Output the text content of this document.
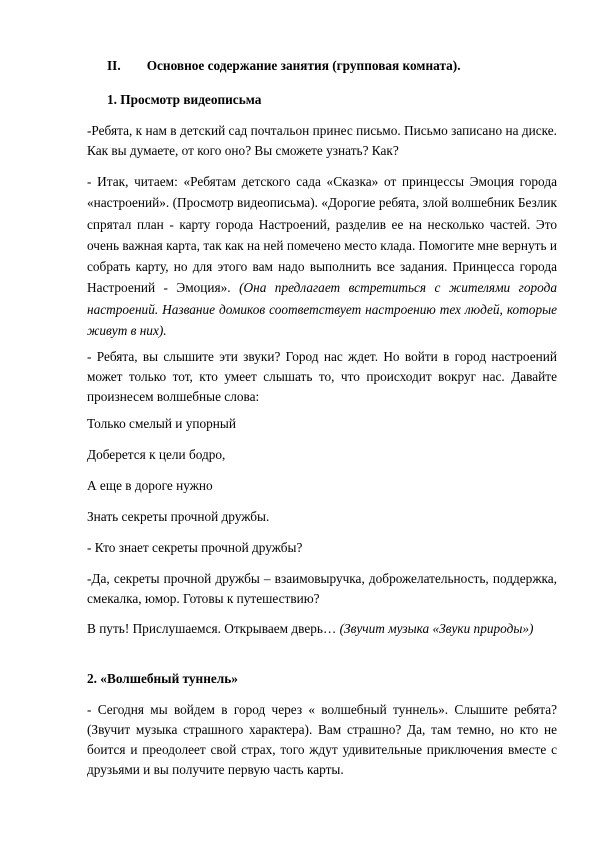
II. Основное содержание занятия (групповая комната).
1. Просмотр видеописьма
-Ребята, к нам в детский сад почтальон принес письмо. Письмо записано на диске. Как вы думаете, от кого оно? Вы сможете узнать? Как?
- Итак, читаем: «Ребятам детского сада «Сказка» от принцессы Эмоция города «настроений». (Просмотр видеописьма). «Дорогие ребята, злой волшебник Безлик спрятал план - карту города Настроений, разделив ее на несколько частей. Это очень важная карта, так как на ней помечено место клада. Помогите мне вернуть и собрать карту, но для этого вам надо выполнить все задания. Принцесса города Настроений - Эмоция». (Она предлагает встретиться с жителями города настроений. Название домиков соответствует настроению тех людей, которые живут в них).
- Ребята, вы слышите эти звуки? Город нас ждет. Но войти в город настроений может только тот, кто умеет слышать то, что происходит вокруг нас. Давайте произнесем волшебные слова:
Только смелый и упорный
Доберется к цели бодро,
А еще в дороге нужно
Знать секреты прочной дружбы.
- Кто знает секреты прочной дружбы?
-Да, секреты прочной дружбы – взаимовыручка, доброжелательность, поддержка, смекалка, юмор. Готовы к путешествию?
В путь! Прислушаемся. Открываем дверь… (Звучит музыка «Звуки природы»)
2. «Волшебный туннель»
- Сегодня мы войдем в город через « волшебный туннель». Слышите ребята? (Звучит музыка страшного характера). Вам страшно? Да, там темно, но кто не боится и преодолеет свой страх, того ждут удивительные приключения вместе с друзьями и вы получите первую часть карты.
